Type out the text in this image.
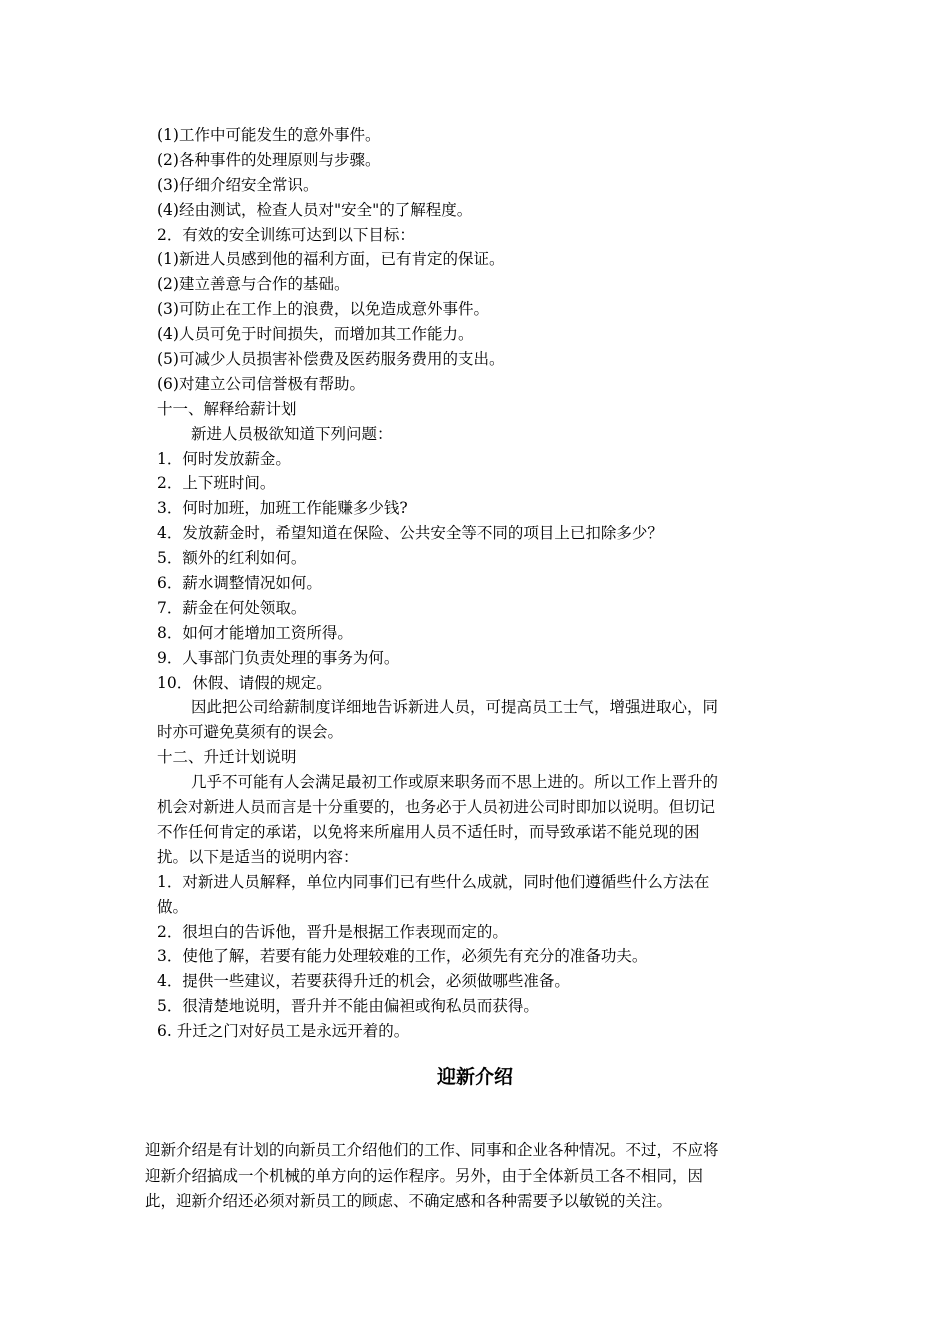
(1)工作中可能发生的意外事件。
(2)各种事件的处理原则与步骤。
(3)仔细介绍安全常识。
(4)经由测试，检查人员对"安全"的了解程度。
2．有效的安全训练可达到以下目标：
(1)新进人员感到他的福利方面，已有肯定的保证。
(2)建立善意与合作的基础。
(3)可防止在工作上的浪费，以免造成意外事件。
(4)人员可免于时间损失，而增加其工作能力。
(5)可减少人员损害补偿费及医药服务费用的支出。
(6)对建立公司信誉极有帮助。
十一、解释给薪计划
新进人员极欲知道下列问题：
1．何时发放薪金。
2．上下班时间。
3．何时加班，加班工作能赚多少钱?
4．发放薪金时，希望知道在保险、公共安全等不同的项目上已扣除多少？
5．额外的红利如何。
6．薪水调整情况如何。
7．薪金在何处领取。
8．如何才能增加工资所得。
9．人事部门负责处理的事务为何。
10．休假、请假的规定。
因此把公司给薪制度详细地告诉新进人员，可提高员工士气，增强进取心，同
时亦可避免莫须有的误会。
十二、升迁计划说明
几乎不可能有人会满足最初工作或原来职务而不思上进的。所以工作上晋升的
机会对新进人员而言是十分重要的，也务必于人员初进公司时即加以说明。但切记
不作任何肯定的承诺，以免将来所雇用人员不适任时，而导致承诺不能兑现的困
扰。以下是适当的说明内容：
1．对新进人员解释，单位内同事们已有些什么成就，同时他们遵循些什么方法在
做。
2．很坦白的告诉他，晋升是根据工作表现而定的。
3．使他了解，若要有能力处理较难的工作，必须先有充分的准备功夫。
4．提供一些建议，若要获得升迁的机会，必须做哪些准备。
5．很清楚地说明，晋升并不能由偏袒或徇私员而获得。
6. 升迁之门对好员工是永远开着的。
迎新介绍
迎新介绍是有计划的向新员工介绍他们的工作、同事和企业各种情况。不过，不应将
迎新介绍搞成一个机械的单方向的运作程序。另外，由于全体新员工各不相同，因
此，迎新介绍还必须对新员工的顾虑、不确定感和各种需要予以敏锐的关注。
